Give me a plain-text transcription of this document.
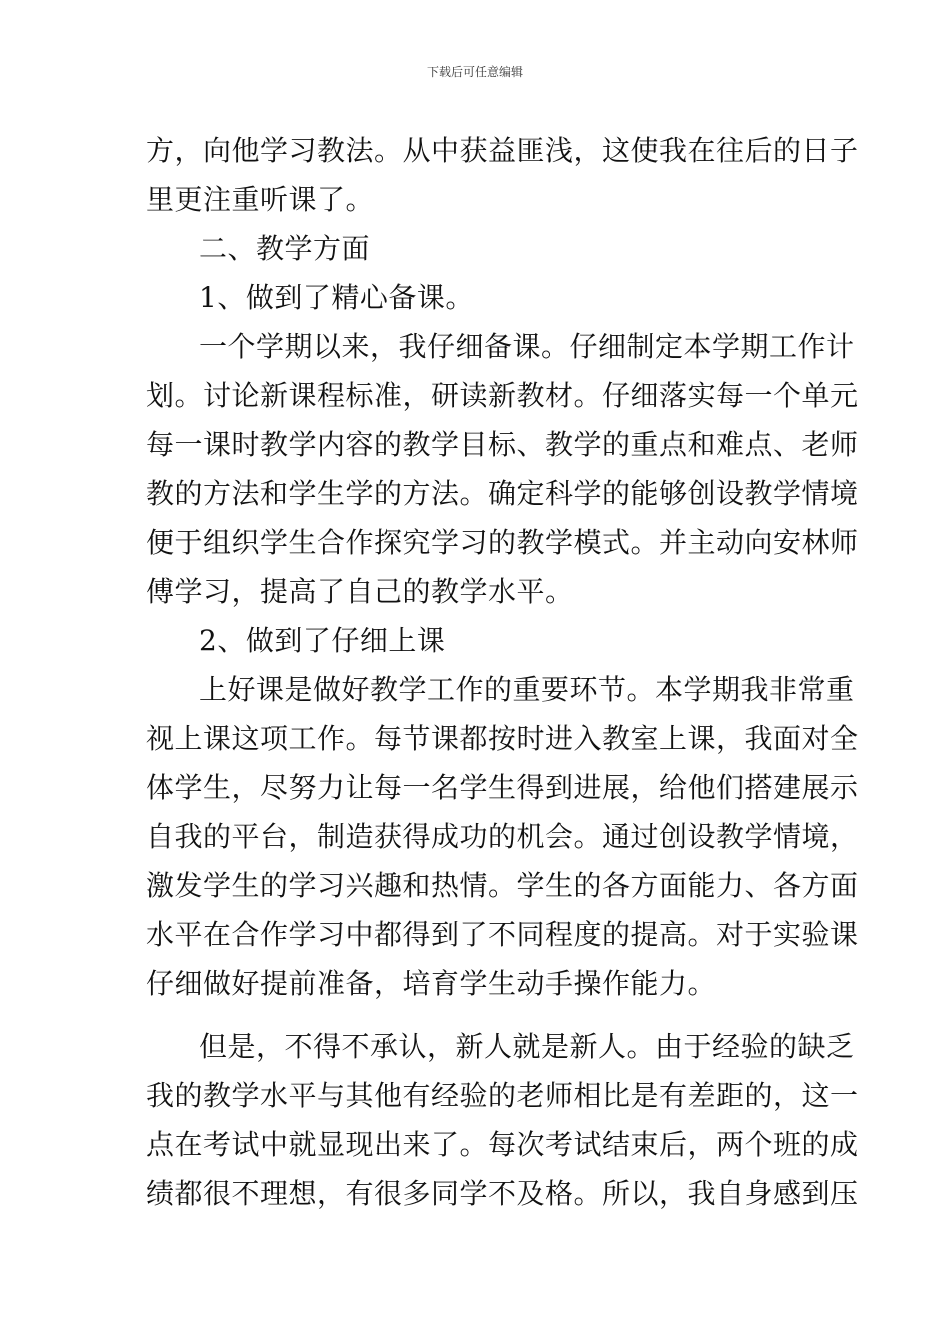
下载后可任意编辑
方，向他学习教法。从中获益匪浅，这使我在往后的日子
里更注重听课了。
二、教学方面
1、做到了精心备课。
一个学期以来，我仔细备课。仔细制定本学期工作计
划。讨论新课程标准，研读新教材。仔细落实每一个单元
每一课时教学内容的教学目标、教学的重点和难点、老师
教的方法和学生学的方法。确定科学的能够创设教学情境
便于组织学生合作探究学习的教学模式。并主动向安林师
傅学习，提高了自己的教学水平。
2、做到了仔细上课
上好课是做好教学工作的重要环节。本学期我非常重
视上课这项工作。每节课都按时进入教室上课，我面对全
体学生，尽努力让每一名学生得到进展，给他们搭建展示
自我的平台，制造获得成功的机会。通过创设教学情境，
激发学生的学习兴趣和热情。学生的各方面能力、各方面
水平在合作学习中都得到了不同程度的提高。对于实验课
仔细做好提前准备，培育学生动手操作能力。
但是，不得不承认，新人就是新人。由于经验的缺乏
我的教学水平与其他有经验的老师相比是有差距的，这一
点在考试中就显现出来了。每次考试结束后，两个班的成
绩都很不理想，有很多同学不及格。所以，我自身感到压
